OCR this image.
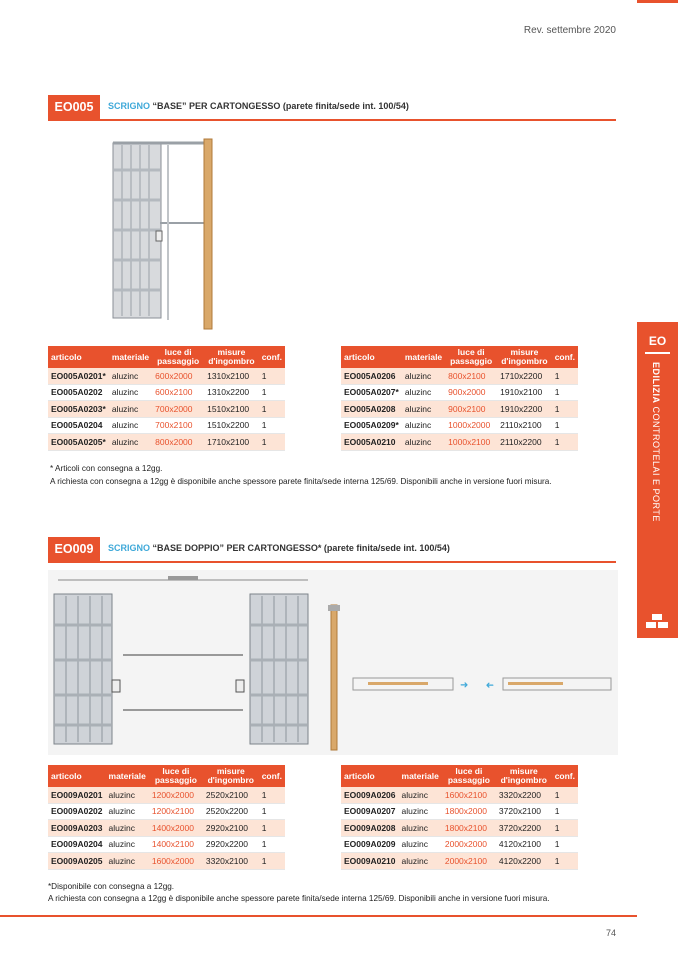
Rev. settembre 2020
EO005	SCRIGNO “BASE” PER CARTONGESSO (parete finita/sede int. 100/54)
articolo	materiale	luce di passaggio	misure d'ingombro	conf.
EO005A0201*	aluzinc	600x2000	1310x2100	1
EO005A0202	aluzinc	600x2100	1310x2200	1
EO005A0203*	aluzinc	700x2000	1510x2100	1
EO005A0204	aluzinc	700x2100	1510x2200	1
EO005A0205*	aluzinc	800x2000	1710x2100	1
articolo	materiale	luce di passaggio	misure d'ingombro	conf.
EO005A0206	aluzinc	800x2100	1710x2200	1
EO005A0207*	aluzinc	900x2000	1910x2100	1
EO005A0208	aluzinc	900x2100	1910x2200	1
EO005A0209*	aluzinc	1000x2000	2110x2100	1
EO005A0210	aluzinc	1000x2100	2110x2200	1
* Articoli con consegna a 12gg.
A richiesta con consegna a 12gg è disponibile anche spessore parete finita/sede interna 125/69. Disponibili anche in versione fuori misura.
EO009	SCRIGNO “BASE DOPPIO” PER CARTONGESSO* (parete finita/sede int. 100/54)
➜ ➜
articolo	materiale	luce di passaggio	misure d'ingombro	conf.
EO009A0201	aluzinc	1200x2000	2520x2100	1
EO009A0202	aluzinc	1200x2100	2520x2200	1
EO009A0203	aluzinc	1400x2000	2920x2100	1
EO009A0204	aluzinc	1400x2100	2920x2200	1
EO009A0205	aluzinc	1600x2000	3320x2100	1
articolo	materiale	luce di passaggio	misure d'ingombro	conf.
EO009A0206	aluzinc	1600x2100	3320x2200	1
EO009A0207	aluzinc	1800x2000	3720x2100	1
EO009A0208	aluzinc	1800x2100	3720x2200	1
EO009A0209	aluzinc	2000x2000	4120x2100	1
EO009A0210	aluzinc	2000x2100	4120x2200	1
*Disponibile con consegna a 12gg.
A richiesta con consegna a 12gg è disponibile anche spessore parete finita/sede interna 125/69. Disponibili anche in versione fuori misura.
EO
EDILIZIA CONTROTELAI E PORTE
74
